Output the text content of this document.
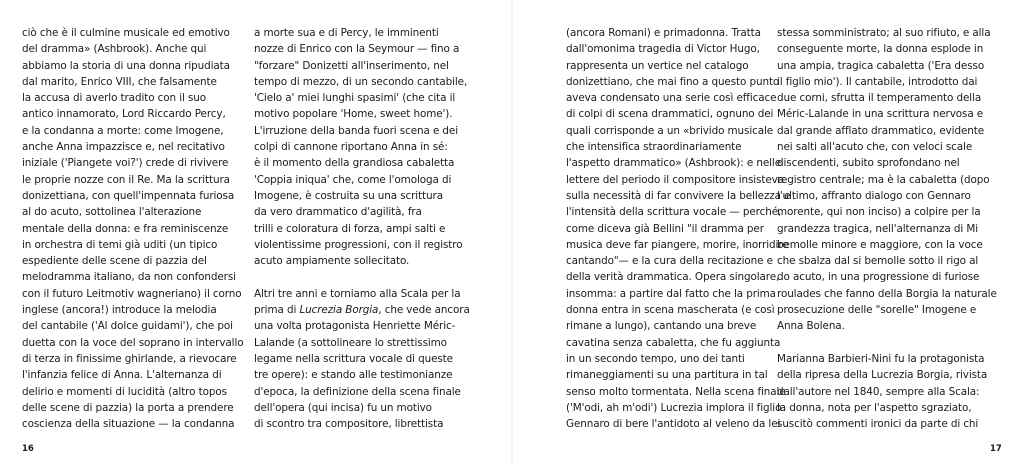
ciò che è il culmine musicale ed emotivo
del dramma» (Ashbrook). Anche qui
abbiamo la storia di una donna ripudiata
dal marito, Enrico VIII, che falsamente
la accusa di averlo tradito con il suo
antico innamorato, Lord Riccardo Percy,
e la condanna a morte: come Imogene,
anche Anna impazzisce e, nel recitativo
iniziale ('Piangete voi?') crede di rivivere
le proprie nozze con il Re. Ma la scrittura
donizettiana, con quell'impennata furiosa
al do acuto, sottolinea l'alterazione
mentale della donna: e fra reminiscenze
in orchestra di temi già uditi (un tipico
espediente delle scene di pazzia del
melodramma italiano, da non confondersi
con il futuro Leitmotiv wagneriano) il corno
inglese (ancora!) introduce la melodia
del cantabile ('Al dolce guidami'), che poi
duetta con la voce del soprano in intervallo
di terza in finissime ghirlande, a rievocare
l'infanzia felice di Anna. L'alternanza di
delirio e momenti di lucidità (altro topos
delle scene di pazzia) la porta a prendere
coscienza della situazione — la condanna

a morte sua e di Percy, le imminenti
nozze di Enrico con la Seymour — fino a
"forzare" Donizetti all'inserimento, nel
tempo di mezzo, di un secondo cantabile,
'Cielo a' miei lunghi spasimi' (che cita il
motivo popolare 'Home, sweet home').
L'irruzione della banda fuori scena e dei
colpi di cannone riportano Anna in sé:
è il momento della grandiosa cabaletta
'Coppia iniqua' che, come l'omologa di
Imogene, è costruita su una scrittura
da vero drammatico d'agilità, fra
trilli e coloratura di forza, ampi salti e
violentissime progressioni, con il registro
acuto ampiamente sollecitato.

Altri tre anni e torniamo alla Scala per la
prima di Lucrezia Borgia, che vede ancora
una volta protagonista Henriette Méric-
Lalande (a sottolineare lo strettissimo
legame nella scrittura vocale di queste
tre opere): e stando alle testimonianze
d'epoca, la definizione della scena finale
dell'opera (qui incisa) fu un motivo
di scontro tra compositore, librettista

16

(ancora Romani) e primadonna. Tratta
dall'omonima tragedia di Victor Hugo,
rappresenta un vertice nel catalogo
donizettiano, che mai fino a questo punto
aveva condensato una serie così efficace
di colpi di scena drammatici, ognuno dei
quali corrisponde a un «brivido musicale
che intensifica straordinariamente
l'aspetto drammatico» (Ashbrook): e nelle
lettere del periodo il compositore insisteva
sulla necessità di far convivere la bellezza e
l'intensità della scrittura vocale — perché,
come diceva già Bellini "il dramma per
musica deve far piangere, morire, inorridire
cantando"— e la cura della recitazione e
della verità drammatica. Opera singolare,
insomma: a partire dal fatto che la prima
donna entra in scena mascherata (e così
rimane a lungo), cantando una breve
cavatina senza cabaletta, che fu aggiunta
in un secondo tempo, uno dei tanti
rimaneggiamenti su una partitura in tal
senso molto tormentata. Nella scena finale
('M'odi, ah m'odi') Lucrezia implora il figlio
Gennaro di bere l'antidoto al veleno da lei

stessa somministrato; al suo rifiuto, e alla
conseguente morte, la donna esplode in
una ampia, tragica cabaletta ('Era desso
il figlio mio'). Il cantabile, introdotto dai
due corni, sfrutta il temperamento della
Méric-Lalande in una scrittura nervosa e
dal grande afflato drammatico, evidente
nei salti all'acuto che, con veloci scale
discendenti, subito sprofondano nel
registro centrale; ma è la cabaletta (dopo
l'ultimo, affranto dialogo con Gennaro
morente, qui non inciso) a colpire per la
grandezza tragica, nell'alternanza di Mi
bemolle minore e maggiore, con la voce
che sbalza dal si bemolle sotto il rigo al
do acuto, in una progressione di furiose
roulades che fanno della Borgia la naturale
prosecuzione delle "sorelle" Imogene e
Anna Bolena.

Marianna Barbieri-Nini fu la protagonista
della ripresa della Lucrezia Borgia, rivista
dall'autore nel 1840, sempre alla Scala:
la donna, nota per l'aspetto sgraziato,
suscitò commenti ironici da parte di chi

17
